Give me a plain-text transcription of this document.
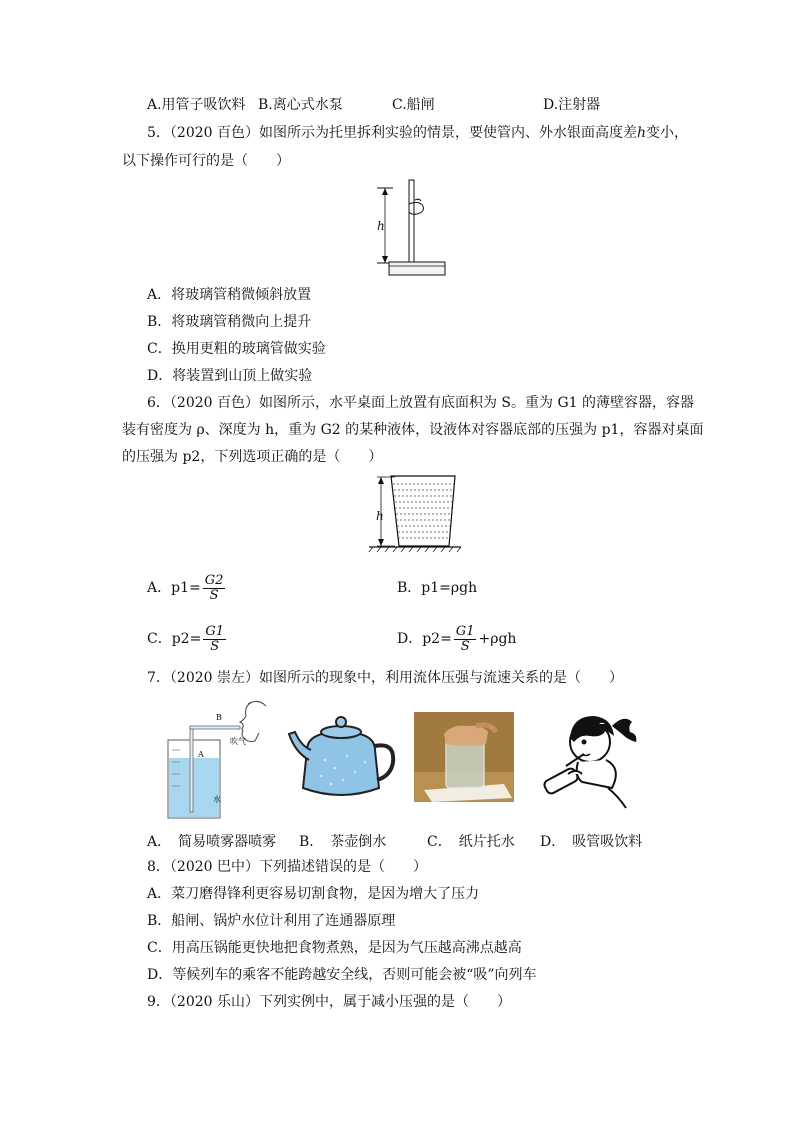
A.用管子吸饮料 B.离心式水泵	C.船闸	D.注射器
5．（2020 百色）如图所示为托里拆利实验的情景，要使管内、外水银面高度差h变小，
以下操作可行的是（　　）
h
A．将玻璃管稍微倾斜放置
B．将玻璃管稍微向上提升
C．换用更粗的玻璃管做实验
D．将装置到山顶上做实验
6．（2020 百色）如图所示，水平桌面上放置有底面积为 S。重为 G1 的薄壁容器，容器
装有密度为 ρ、深度为 h，重为 G2 的某种液体，设液体对容器底部的压强为 p1，容器对桌面
的压强为 p2，下列选项正确的是（　　）
h
A．$p1= \frac{G2}{S}$	B．p1=ρgh
C．$p2= \frac{G1}{S}$	D．$p2= \frac{G1}{S} +\rho gh$
7．（2020 崇左）如图所示的现象中，利用流体压强与流速关系的是（　　）
B
A
吹气
水
A．　简易喷雾器喷雾 B．　茶壶倒水	C．　纸片托水 D．　吸管吸饮料
8．（2020 巴中）下列描述错误的是（　　）
A．菜刀磨得锋利更容易切割食物，是因为增大了压力
B．船闸、锅炉水位计利用了连通器原理
C．用高压锅能更快地把食物煮熟，是因为气压越高沸点越高
D．等候列车的乘客不能跨越安全线，否则可能会被“吸”向列车
9．（2020 乐山）下列实例中，属于减小压强的是（　　）
